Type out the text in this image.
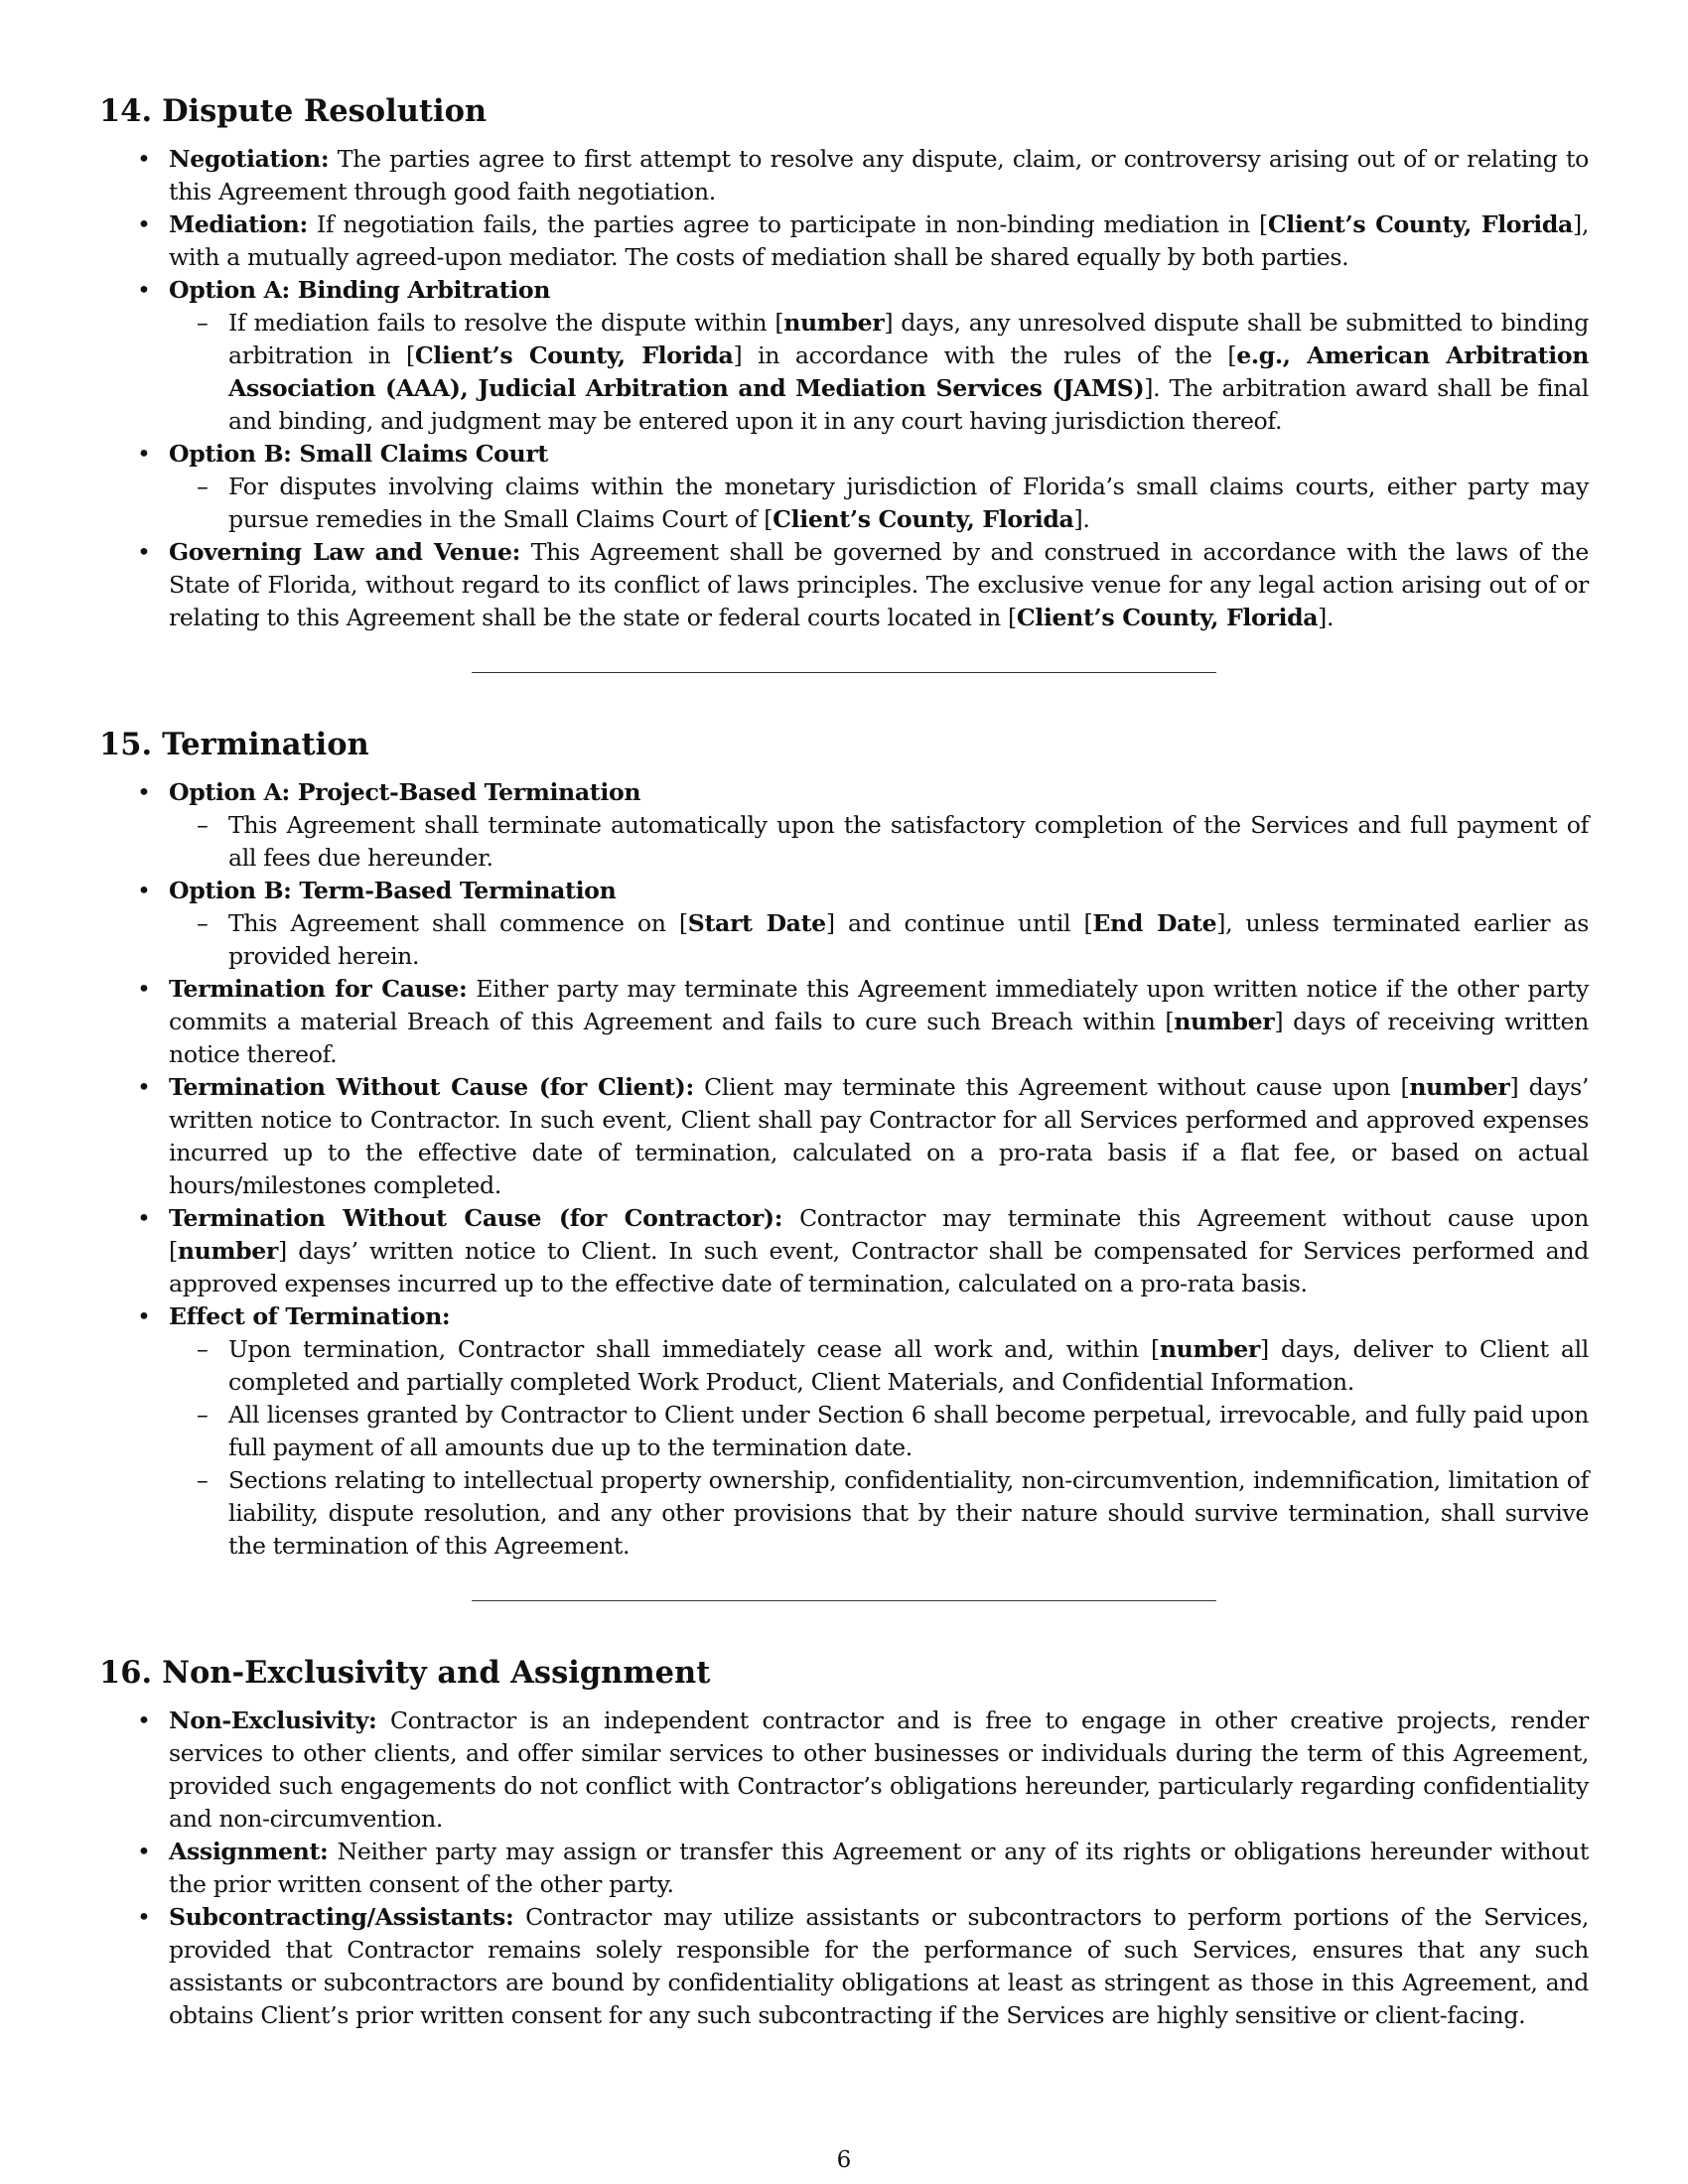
14. Dispute Resolution
• Negotiation: The parties agree to first attempt to resolve any dispute, claim, or controversy arising out of or relating to this Agreement through good faith negotiation.
• Mediation: If negotiation fails, the parties agree to participate in non-binding mediation in [Client’s County, Florida], with a mutually agreed-upon mediator. The costs of mediation shall be shared equally by both parties.
• Option A: Binding Arbitration
– If mediation fails to resolve the dispute within [number] days, any unresolved dispute shall be submitted to binding arbitration in [Client’s County, Florida] in accordance with the rules of the [e.g., American Arbitration Association (AAA), Judicial Arbitration and Mediation Services (JAMS)]. The arbitration award shall be final and binding, and judgment may be entered upon it in any court having jurisdiction thereof.
• Option B: Small Claims Court
– For disputes involving claims within the monetary jurisdiction of Florida’s small claims courts, either party may pursue remedies in the Small Claims Court of [Client’s County, Florida].
• Governing Law and Venue: This Agreement shall be governed by and construed in accordance with the laws of the State of Florida, without regard to its conflict of laws principles. The exclusive venue for any legal action arising out of or relating to this Agreement shall be the state or federal courts located in [Client’s County, Florida].
15. Termination
• Option A: Project-Based Termination
– This Agreement shall terminate automatically upon the satisfactory completion of the Services and full payment of all fees due hereunder.
• Option B: Term-Based Termination
– This Agreement shall commence on [Start Date] and continue until [End Date], unless terminated earlier as provided herein.
• Termination for Cause: Either party may terminate this Agreement immediately upon written notice if the other party commits a material Breach of this Agreement and fails to cure such Breach within [number] days of receiving written notice thereof.
• Termination Without Cause (for Client): Client may terminate this Agreement without cause upon [number] days’ written notice to Contractor. In such event, Client shall pay Contractor for all Services performed and approved expenses incurred up to the effective date of termination, calculated on a pro-rata basis if a flat fee, or based on actual hours/milestones completed.
• Termination Without Cause (for Contractor): Contractor may terminate this Agreement without cause upon [number] days’ written notice to Client. In such event, Contractor shall be compensated for Services performed and approved expenses incurred up to the effective date of termination, calculated on a pro-rata basis.
• Effect of Termination:
– Upon termination, Contractor shall immediately cease all work and, within [number] days, deliver to Client all completed and partially completed Work Product, Client Materials, and Confidential Information.
– All licenses granted by Contractor to Client under Section 6 shall become perpetual, irrevocable, and fully paid upon full payment of all amounts due up to the termination date.
– Sections relating to intellectual property ownership, confidentiality, non-circumvention, indemnification, limitation of liability, dispute resolution, and any other provisions that by their nature should survive termination, shall survive the termination of this Agreement.
16. Non-Exclusivity and Assignment
• Non-Exclusivity: Contractor is an independent contractor and is free to engage in other creative projects, render services to other clients, and offer similar services to other businesses or individuals during the term of this Agreement, provided such engagements do not conflict with Contractor’s obligations hereunder, particularly regarding confidentiality and non-circumvention.
• Assignment: Neither party may assign or transfer this Agreement or any of its rights or obligations hereunder without the prior written consent of the other party.
• Subcontracting/Assistants: Contractor may utilize assistants or subcontractors to perform portions of the Services, provided that Contractor remains solely responsible for the performance of such Services, ensures that any such assistants or subcontractors are bound by confidentiality obligations at least as stringent as those in this Agreement, and obtains Client’s prior written consent for any such subcontracting if the Services are highly sensitive or client-facing.
6
